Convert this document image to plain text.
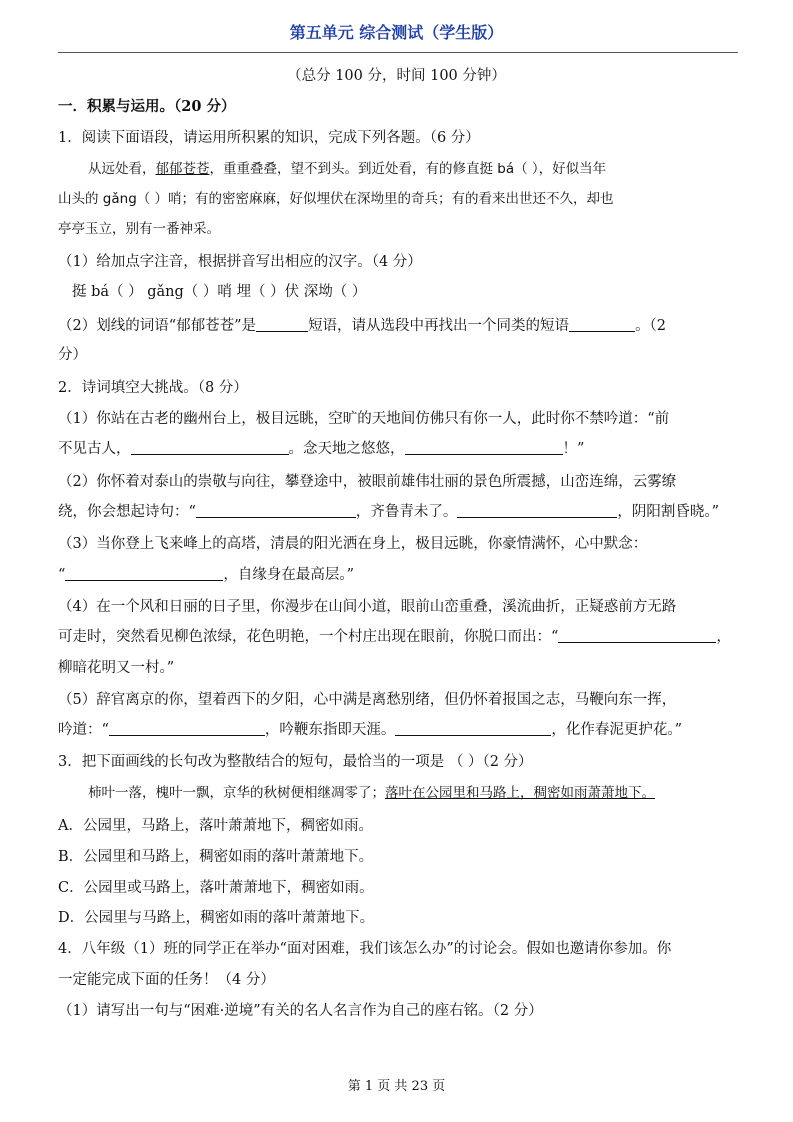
第五单元 综合测试（学生版）
（总分 100 分，时间 100 分钟）
一．积累与运用。（20 分）
1．阅读下面语段，请运用所积累的知识，完成下列各题。（6 分）
从远处看，郁郁苍苍，重重叠叠，望不到头。到近处看，有的修直挺 bá（ ），好似当年
山头的 gǎng（ ）哨；有的密密麻麻，好似埋伏在深坳里的奇兵；有的看来出世还不久，却也
亭亭玉立，别有一番神采。
（1）给加点字注音，根据拼音写出相应的汉字。（4 分）
挺 bá（ ） gǎng（ ）哨 埋（ ）伏 深坳（ ）
（2）划线的词语“郁郁苍苍”是	短语，请从选段中再找出一个同类的短语	。（2
分）
2．诗词填空大挑战。（8 分）
（1）你站在古老的幽州台上，极目远眺，空旷的天地间仿佛只有你一人，此时你不禁吟道：“前
不见古人，	。念天地之悠悠，	！”
（2）你怀着对泰山的崇敬与向往，攀登途中，被眼前雄伟壮丽的景色所震撼，山峦连绵，云雾缭
绕，你会想起诗句：“	，齐鲁青未了。	，阴阳割昏晓。”
（3）当你登上飞来峰上的高塔，清晨的阳光洒在身上，极目远眺，你豪情满怀，心中默念：
“	，自缘身在最高层。”
（4）在一个风和日丽的日子里，你漫步在山间小道，眼前山峦重叠，溪流曲折，正疑惑前方无路
可走时，突然看见柳色浓绿，花色明艳，一个村庄出现在眼前，你脱口而出：“	，
柳暗花明又一村。”
（5）辞官离京的你，望着西下的夕阳，心中满是离愁别绪，但仍怀着报国之志，马鞭向东一挥，
吟道：“	，吟鞭东指即天涯。	，化作春泥更护花。”
3．把下面画线的长句改为整散结合的短句，最恰当的一项是 （ ）（2 分）
柿叶一落，槐叶一飘，京华的秋树便相继凋零了；落叶在公园里和马路上，稠密如雨萧萧地下。
A．公园里，马路上，落叶萧萧地下，稠密如雨。
B．公园里和马路上，稠密如雨的落叶萧萧地下。
C．公园里或马路上，落叶萧萧地下，稠密如雨。
D．公园里与马路上，稠密如雨的落叶萧萧地下。
4．八年级（1）班的同学正在举办“面对困难，我们该怎么办”的讨论会。假如也邀请你参加。你
一定能完成下面的任务！（4 分）
（1）请写出一句与“困难·逆境”有关的名人名言作为自己的座右铭。（2 分）
第 1 页 共 23 页
